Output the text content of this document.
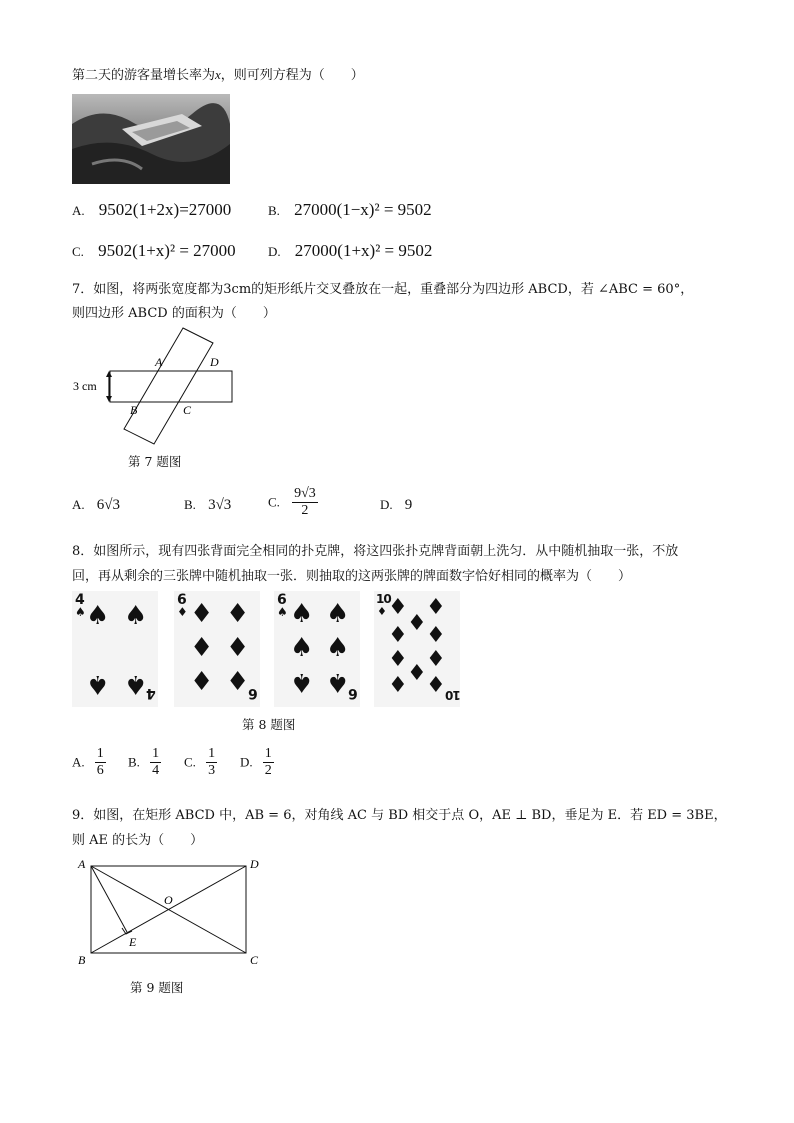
第二天的游客量增长率为x，则可列方程为（　　）
A. 9502(1+2x)=27000	B. 27000(1−x)² = 9502
C. 9502(1+x)² = 27000 D. 27000(1+x)² = 9502
7．如图，将两张宽度都为3cm的矩形纸片交叉叠放在一起，重叠部分为四边形 ABCD，若 ∠ABC = 60°，
则四边形 ABCD 的面积为（　　）
3 cm
A	D
B	C
第 7 题图
A. 6√3	B. 3√3	C. $\frac{9√3}{2}$	D. 9
8．如图所示，现有四张背面完全相同的扑克牌，将这四张扑克牌背面朝上洗匀．从中随机抽取一张，不放
回，再从剩余的三张牌中随机抽取一张．则抽取的这两张牌的牌面数字恰好相同的概率为（　　）
4
♠ ♠ ♠
♠ ♠
4
6
♦ ♦ ♦
♦ ♦
♦ ♦
6
6
♠ ♠ ♠
♠ ♠
♠ ♠
6
10
♦ ♦ ♦
♦
♦ ♦
♦ ♦
♦
♦ ♦ 10
第 8 题图
A. $\frac{1}{6} B$. $\frac{1}{4} C$. $\frac{1}{3} D$. $\frac{1}{2}$
9．如图，在矩形 ABCD 中，AB = 6，对角线 AC 与 BD 相交于点 O，AE ⊥ BD，垂足为 E．若 ED = 3BE，
则 AE 的长为（　　）
A	D
O
E
B	C
第 9 题图
